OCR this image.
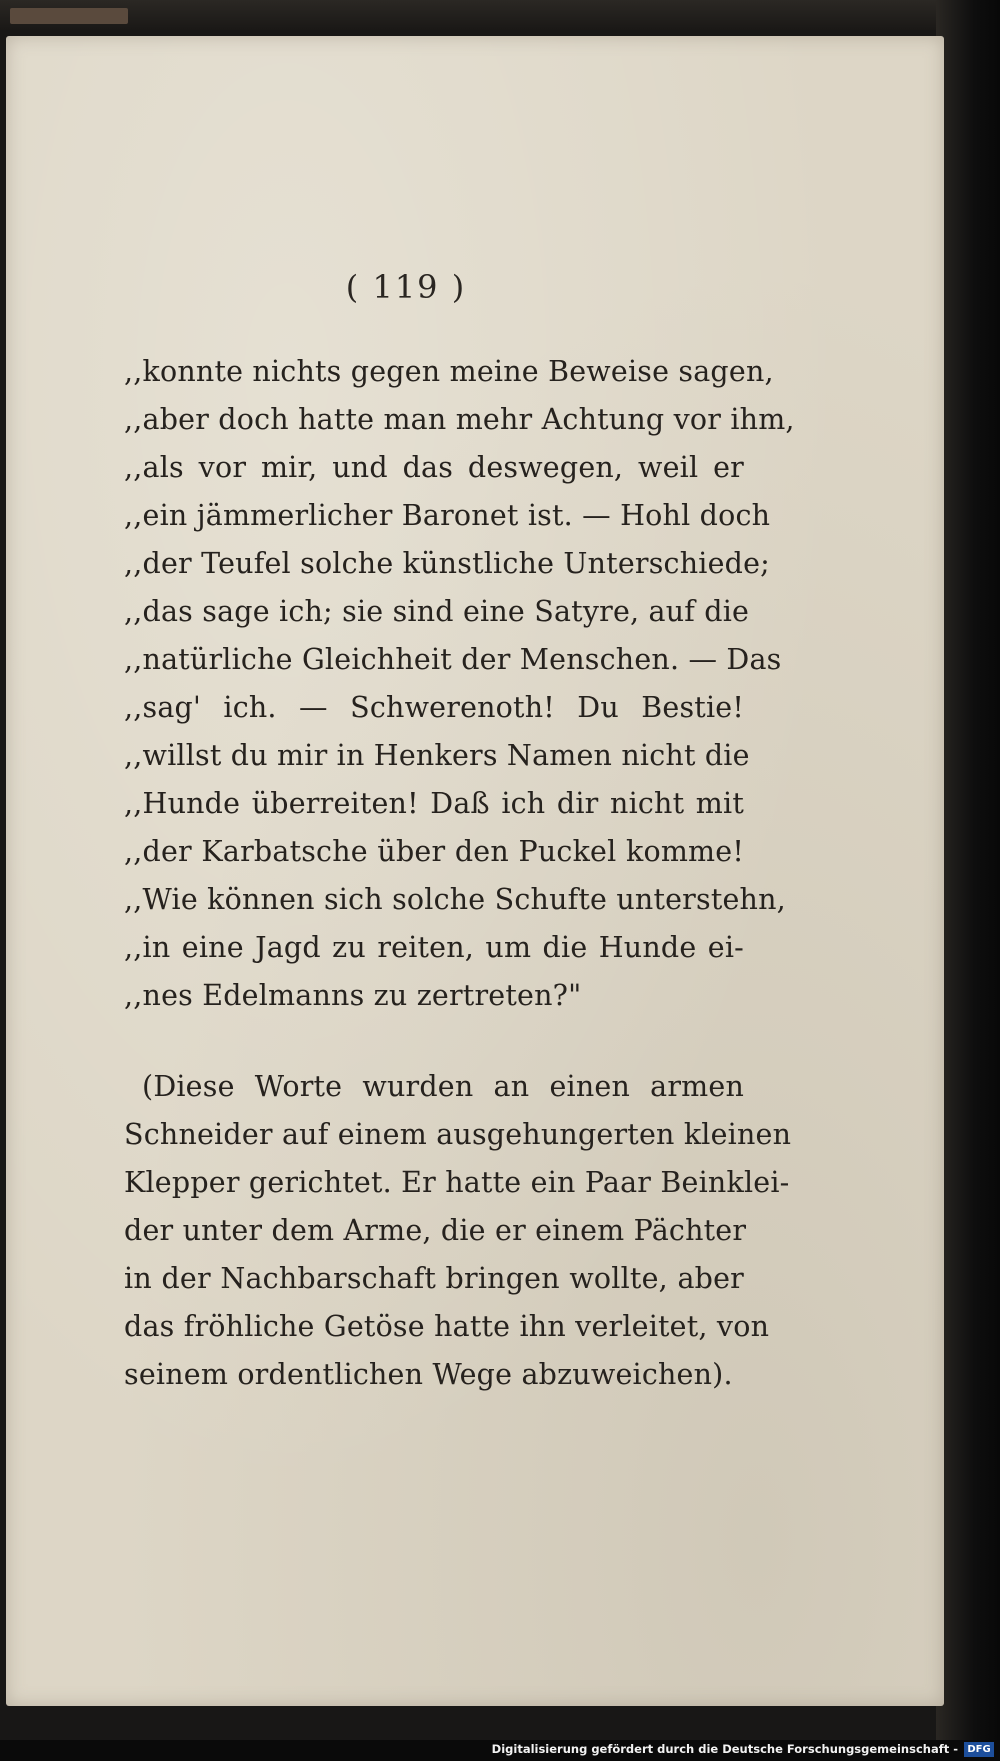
( 119 )
,,konnte nichts gegen meine Beweise sagen,
,,aber doch hatte man mehr Achtung vor ihm,
,,als vor mir, und das deswegen, weil er
,,ein jämmerlicher Baronet ist. — Hohl doch
,,der Teufel solche künstliche Unterschiede;
,,das sage ich; sie sind eine Satyre, auf die
,,natürliche Gleichheit der Menschen. — Das
,,sag' ich. — Schwerenoth! Du Bestie!
,,willst du mir in Henkers Namen nicht die
,,Hunde überreiten! Daß ich dir nicht mit
,,der Karbatsche über den Puckel komme!
,,Wie können sich solche Schufte unterstehn,
,,in eine Jagd zu reiten, um die Hunde ei-
,,nes Edelmanns zu zertreten?"
(Diese Worte wurden an einen armen
Schneider auf einem ausgehungerten kleinen
Klepper gerichtet. Er hatte ein Paar Beinklei-
der unter dem Arme, die er einem Pächter
in der Nachbarschaft bringen wollte, aber
das fröhliche Getöse hatte ihn verleitet, von
seinem ordentlichen Wege abzuweichen).
Digitalisierung gefördert durch die Deutsche Forschungsgemeinschaft - DFG
